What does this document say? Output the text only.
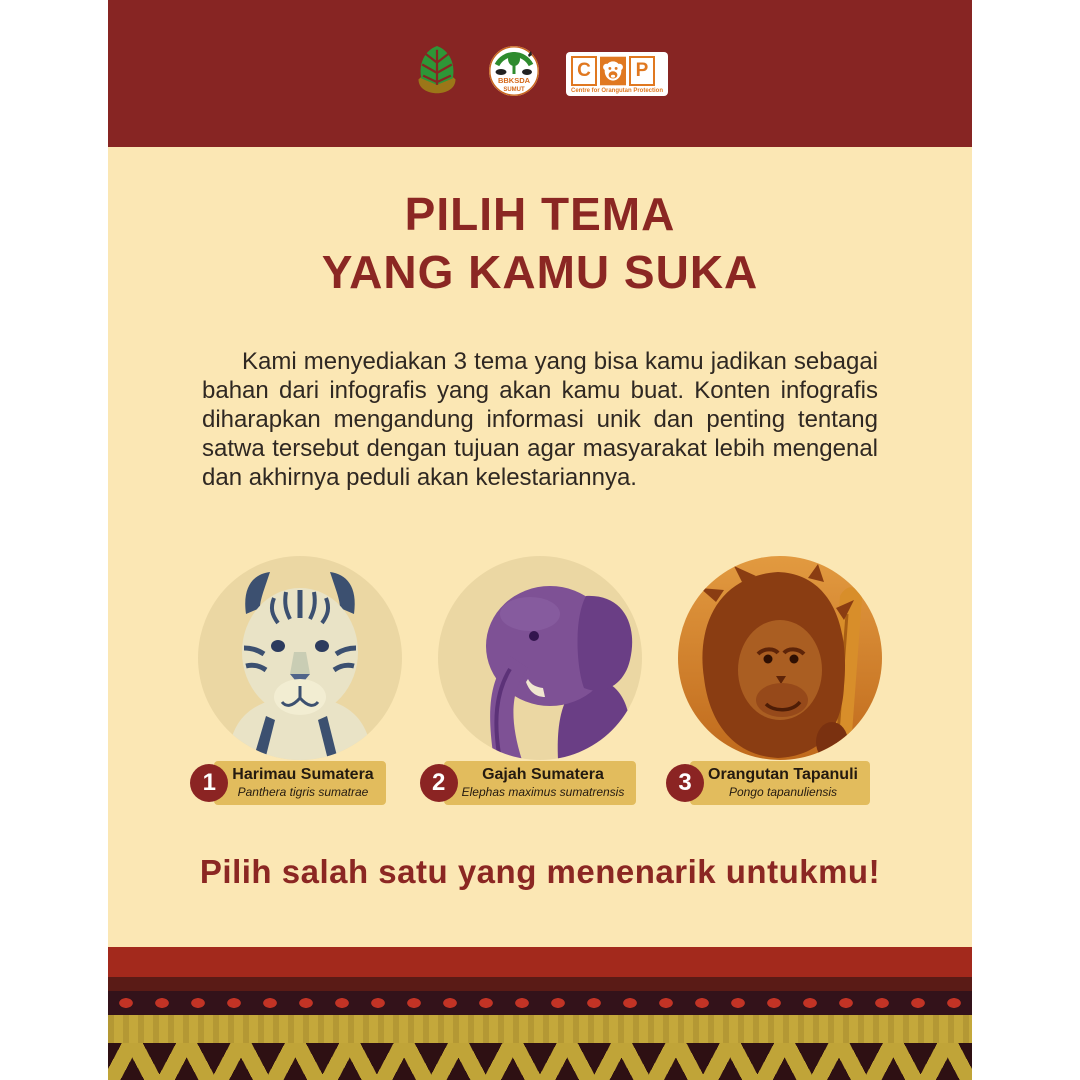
BBKSDA
SUMUT
C	P
Centre for Orangutan Protection
PILIH TEMA
YANG KAMU SUKA

Kami menyediakan 3 tema yang bisa kamu jadikan sebagai bahan dari infografis yang akan kamu buat. Konten infografis diharapkan mengandung informasi unik dan penting tentang satwa tersebut dengan tujuan agar masyarakat lebih mengenal dan akhirnya peduli akan kelestariannya.

1 Harimau Sumatera
Panthera tigris sumatrae	2	Gajah Sumatera
Elephas maximus sumatrensis 3 Orangutan Tapanuli
Pongo tapanuliensis
Pilih salah satu yang menenarik untukmu!
